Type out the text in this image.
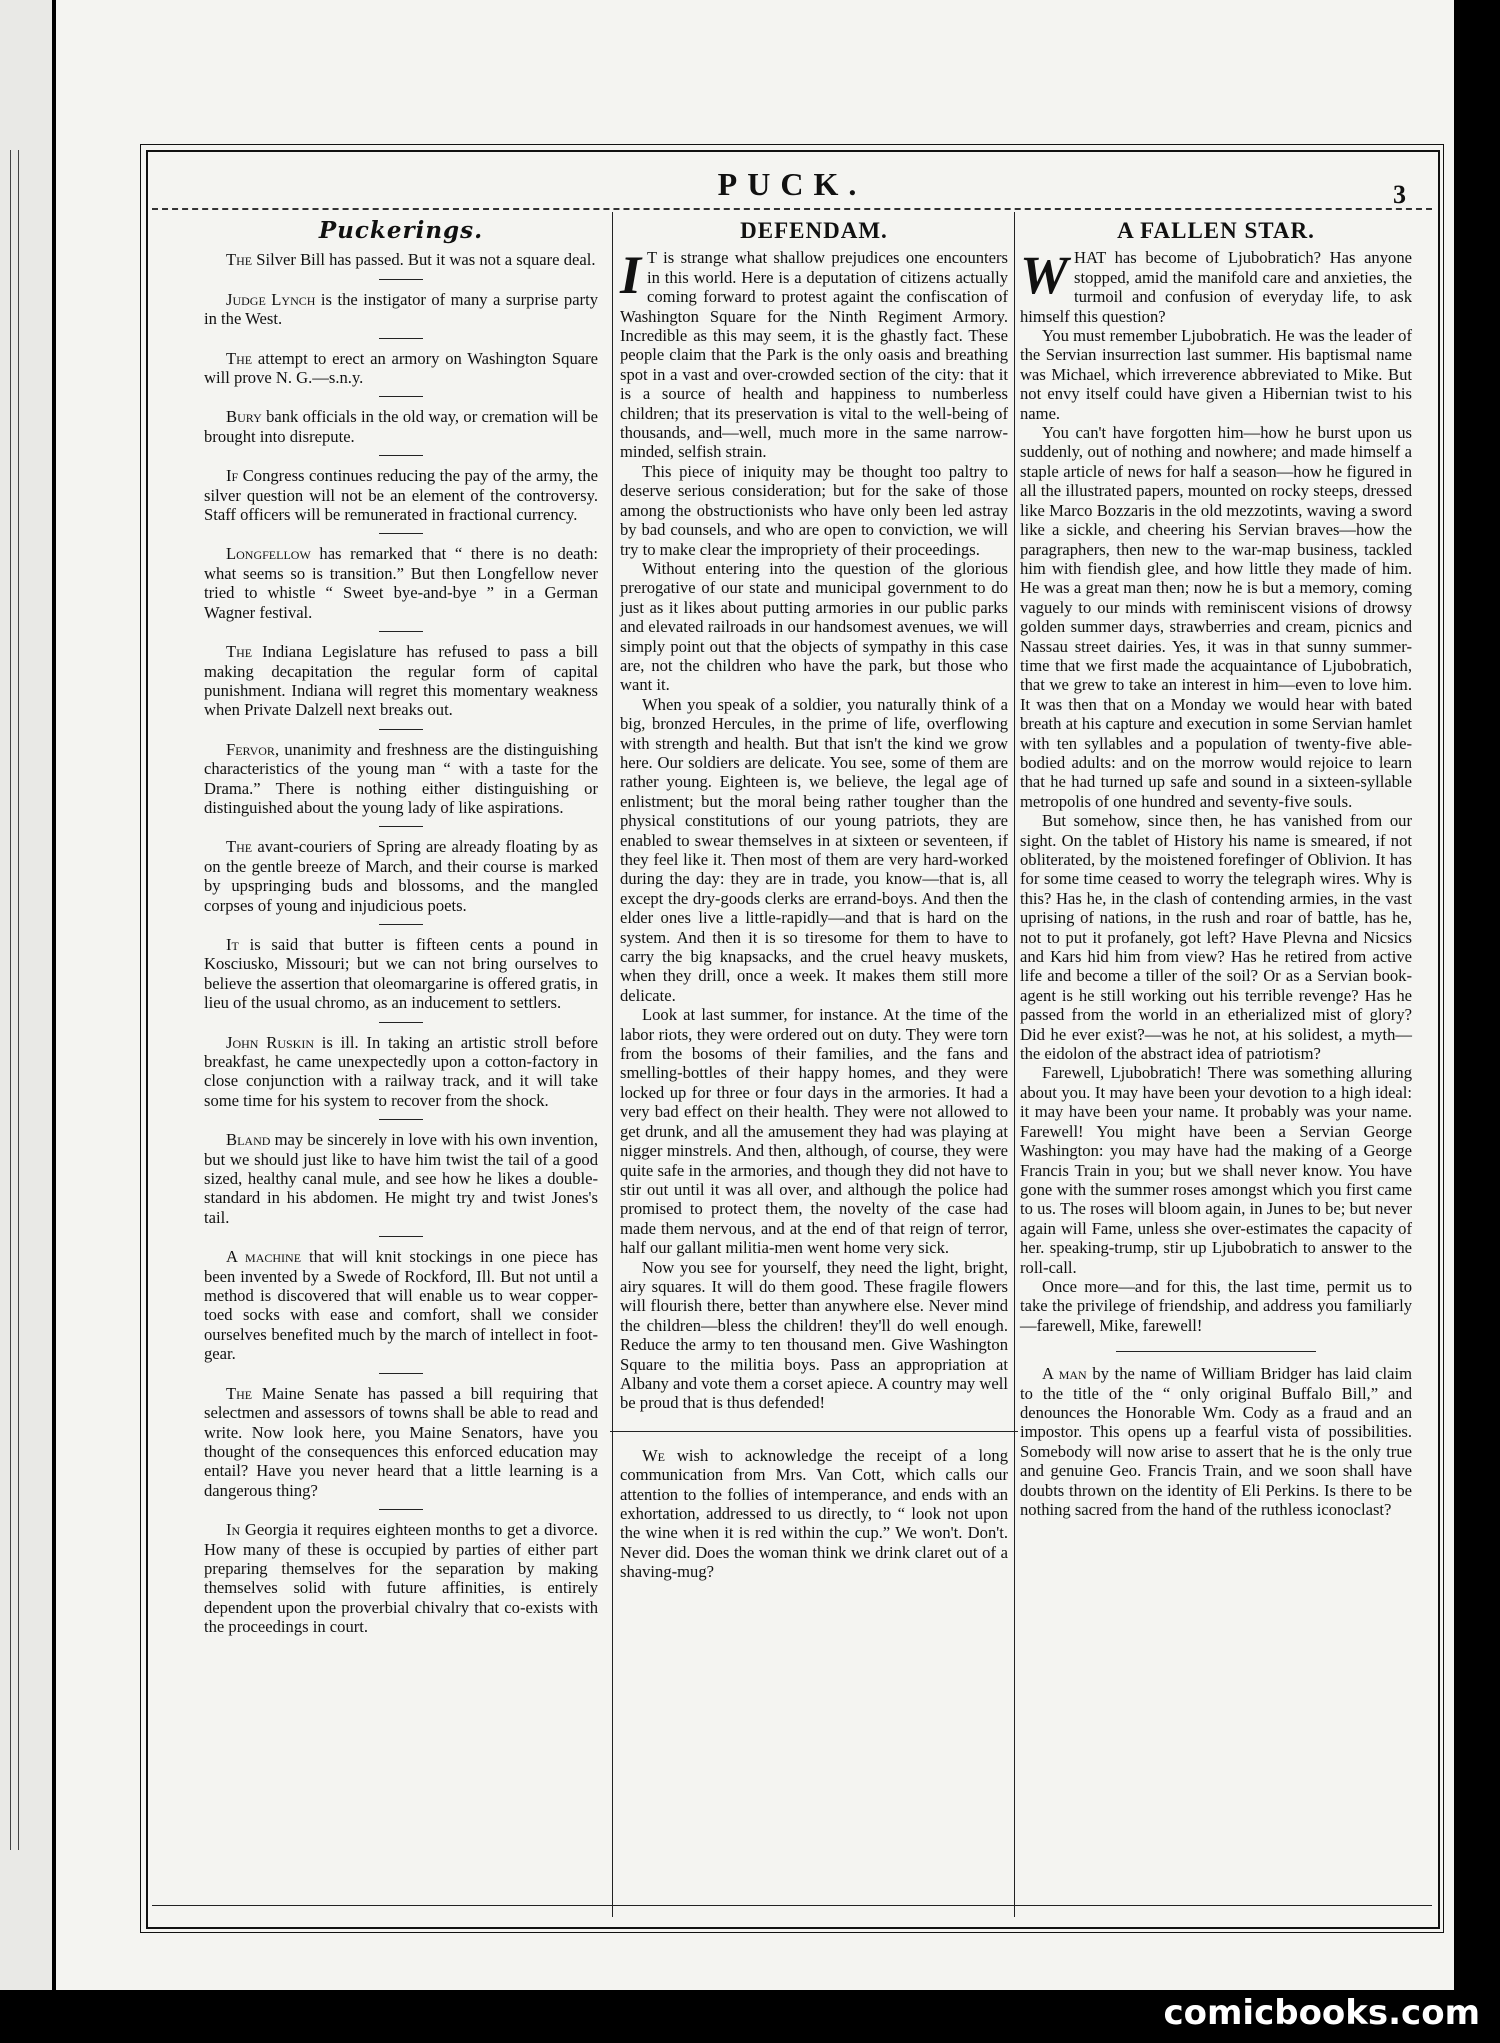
PUCK.	3
Puckerings.

The Silver Bill has passed. But it was not a square deal.

Judge Lynch is the instigator of many a surprise party in the West.

The attempt to erect an armory on Washington Square will prove N. G.—s.n.y.

Bury bank officials in the old way, or cremation will be brought into disrepute.

If Congress continues reducing the pay of the army, the silver question will not be an element of the controversy. Staff officers will be remunerated in fractional currency.

Longfellow has remarked that “ there is no death: what seems so is transition.” But then Longfellow never tried to whistle “ Sweet bye-and-bye ” in a German Wagner festival.

The Indiana Legislature has refused to pass a bill making decapitation the regular form of capital punishment. Indiana will regret this momentary weakness when Private Dalzell next breaks out.

Fervor, unanimity and freshness are the distinguishing characteristics of the young man “ with a taste for the Drama.” There is nothing either distinguishing or distinguished about the young lady of like aspirations.

The avant-couriers of Spring are already floating by as on the gentle breeze of March, and their course is marked by upspringing buds and blossoms, and the mangled corpses of young and injudicious poets.

It is said that butter is fifteen cents a pound in Kosciusko, Missouri; but we can not bring ourselves to believe the assertion that oleomargarine is offered gratis, in lieu of the usual chromo, as an inducement to settlers.

John Ruskin is ill. In taking an artistic stroll before breakfast, he came unexpectedly upon a cotton-factory in close conjunction with a railway track, and it will take some time for his system to recover from the shock.

Bland may be sincerely in love with his own invention, but we should just like to have him twist the tail of a good sized, healthy canal mule, and see how he likes a double-standard in his abdomen. He might try and twist Jones's tail.

A machine that will knit stockings in one piece has been invented by a Swede of Rockford, Ill. But not until a method is discovered that will enable us to wear copper-toed socks with ease and comfort, shall we consider ourselves benefited much by the march of intellect in foot-gear.

The Maine Senate has passed a bill requiring that selectmen and assessors of towns shall be able to read and write. Now look here, you Maine Senators, have you thought of the consequences this enforced education may entail? Have you never heard that a little learning is a dangerous thing?

In Georgia it requires eighteen months to get a divorce. How many of these is occupied by parties of either part preparing themselves for the separation by making themselves solid with future affinities, is entirely dependent upon the proverbial chivalry that co-exists with the proceedings in court.

DEFENDAM.

I T is strange what shallow prejudices one encounters in this world. Here is a deputation of citizens actually coming forward to protest againt the confiscation of Washington Square for the Ninth Regiment Armory. Incredible as this may seem, it is the ghastly fact. These people claim that the Park is the only oasis and breathing spot in a vast and over-crowded section of the city: that it is a source of health and happiness to numberless children; that its preservation is vital to the well-being of thousands, and—well, much more in the same narrow-minded, selfish strain.

This piece of iniquity may be thought too paltry to deserve serious consideration; but for the sake of those among the obstructionists who have only been led astray by bad counsels, and who are open to conviction, we will try to make clear the impropriety of their proceedings.

Without entering into the question of the glorious prerogative of our state and municipal government to do just as it likes about putting armories in our public parks and elevated railroads in our handsomest avenues, we will simply point out that the objects of sympathy in this case are, not the children who have the park, but those who want it.

When you speak of a soldier, you naturally think of a big, bronzed Hercules, in the prime of life, overflowing with strength and health. But that isn't the kind we grow here. Our soldiers are delicate. You see, some of them are rather young. Eighteen is, we believe, the legal age of enlistment; but the moral being rather tougher than the physical constitutions of our young patriots, they are enabled to swear themselves in at sixteen or seventeen, if they feel like it. Then most of them are very hard-worked during the day: they are in trade, you know—that is, all except the dry-goods clerks are errand-boys. And then the elder ones live a little-rapidly—and that is hard on the system. And then it is so tiresome for them to have to carry the big knapsacks, and the cruel heavy muskets, when they drill, once a week. It makes them still more delicate.

Look at last summer, for instance. At the time of the labor riots, they were ordered out on duty. They were torn from the bosoms of their families, and the fans and smelling-bottles of their happy homes, and they were locked up for three or four days in the armories. It had a very bad effect on their health. They were not allowed to get drunk, and all the amusement they had was playing at nigger minstrels. And then, although, of course, they were quite safe in the armories, and though they did not have to stir out until it was all over, and although the police had promised to protect them, the novelty of the case had made them nervous, and at the end of that reign of terror, half our gallant militia-men went home very sick.

Now you see for yourself, they need the light, bright, airy squares. It will do them good. These fragile flowers will flourish there, better than anywhere else. Never mind the children—bless the children! they'll do well enough. Reduce the army to ten thousand men. Give Washington Square to the militia boys. Pass an appropriation at Albany and vote them a corset apiece. A country may well be proud that is thus defended!

We wish to acknowledge the receipt of a long communication from Mrs. Van Cott, which calls our attention to the follies of intemperance, and ends with an exhortation, addressed to us directly, to “ look not upon the wine when it is red within the cup.” We won't. Don't. Never did. Does the woman think we drink claret out of a shaving-mug?

A FALLEN STAR.

WHAT has become of Ljubobratich? Has anyone stopped, amid the manifold care and anxieties, the turmoil and confusion of everyday life, to ask himself this question?

You must remember Ljubobratich. He was the leader of the Servian insurrection last summer. His baptismal name was Michael, which irreverence abbreviated to Mike. But not envy itself could have given a Hibernian twist to his name.

You can't have forgotten him—how he burst upon us suddenly, out of nothing and nowhere; and made himself a staple article of news for half a season—how he figured in all the illustrated papers, mounted on rocky steeps, dressed like Marco Bozzaris in the old mezzotints, waving a sword like a sickle, and cheering his Servian braves—how the paragraphers, then new to the war-map business, tackled him with fiendish glee, and how little they made of him. He was a great man then; now he is but a memory, coming vaguely to our minds with reminiscent visions of drowsy golden summer days, strawberries and cream, picnics and Nassau street dairies. Yes, it was in that sunny summer-time that we first made the acquaintance of Ljubobratich, that we grew to take an interest in him—even to love him. It was then that on a Monday we would hear with bated breath at his capture and execution in some Servian hamlet with ten syllables and a population of twenty-five able-bodied adults: and on the morrow would rejoice to learn that he had turned up safe and sound in a sixteen-syllable metropolis of one hundred and seventy-five souls.

But somehow, since then, he has vanished from our sight. On the tablet of History his name is smeared, if not obliterated, by the moistened forefinger of Oblivion. It has for some time ceased to worry the telegraph wires. Why is this? Has he, in the clash of contending armies, in the vast uprising of nations, in the rush and roar of battle, has he, not to put it profanely, got left? Have Plevna and Nicsics and Kars hid him from view? Has he retired from active life and become a tiller of the soil? Or as a Servian book-agent is he still working out his terrible revenge? Has he passed from the world in an etherialized mist of glory? Did he ever exist?—was he not, at his solidest, a myth—the eidolon of the abstract idea of patriotism?

Farewell, Ljubobratich! There was something alluring about you. It may have been your devotion to a high ideal: it may have been your name. It probably was your name. Farewell! You might have been a Servian George Washington: you may have had the making of a George Francis Train in you; but we shall never know. You have gone with the summer roses amongst which you first came to us. The roses will bloom again, in Junes to be; but never again will Fame, unless she over-estimates the capacity of her. speaking-trump, stir up Ljubobratich to answer to the roll-call.

Once more—and for this, the last time, permit us to take the privilege of friendship, and address you familiarly—farewell, Mike, farewell!

A man by the name of William Bridger has laid claim to the title of the “ only original Buffalo Bill,” and denounces the Honorable Wm. Cody as a fraud and an impostor. This opens up a fearful vista of possibilities. Somebody will now arise to assert that he is the only true and genuine Geo. Francis Train, and we soon shall have doubts thrown on the identity of Eli Perkins. Is there to be nothing sacred from the hand of the ruthless iconoclast?

comicbooks.com
